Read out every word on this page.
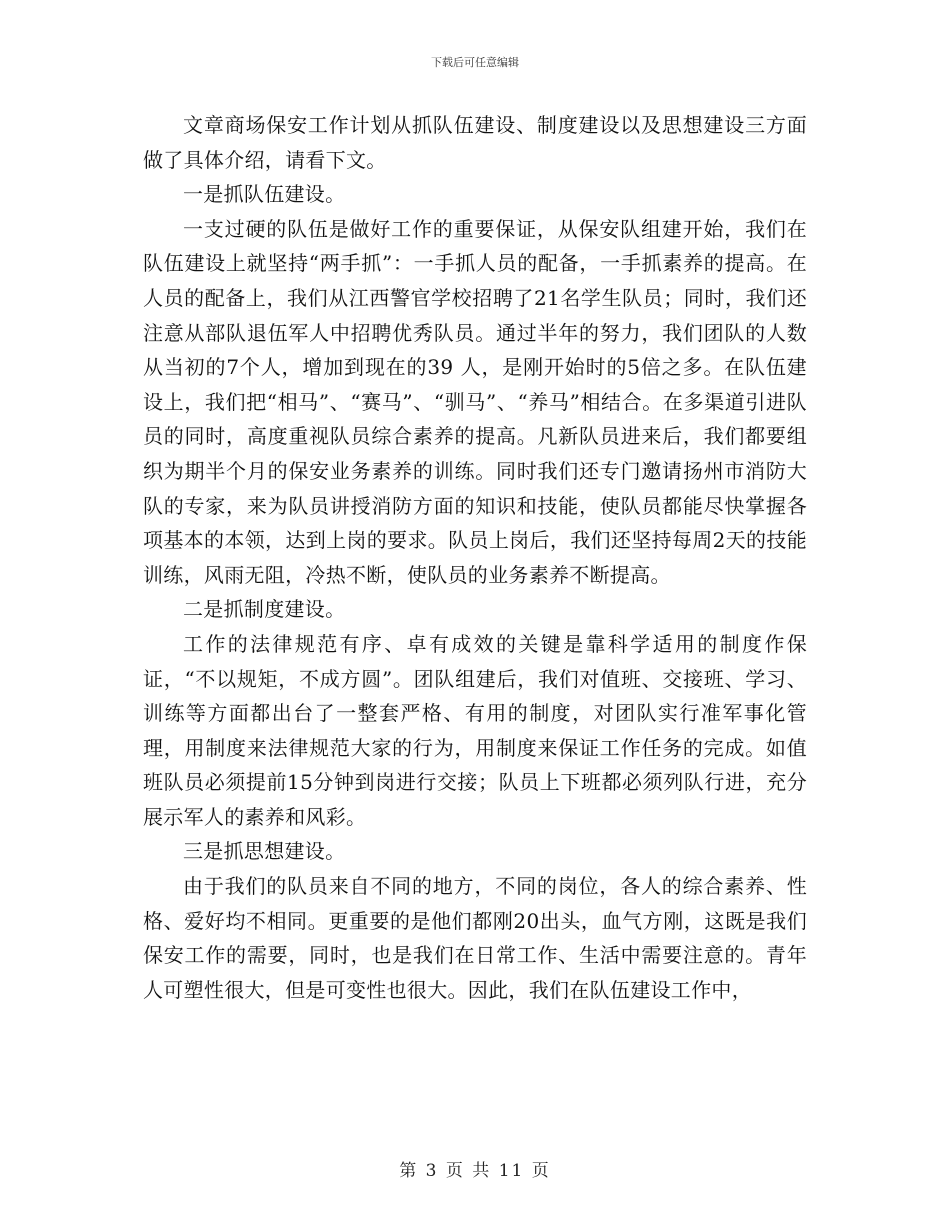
下载后可任意编辑

文章商场保安工作计划从抓队伍建设、制度建设以及思想建设三方面做了具体介绍，请看下文。

一是抓队伍建设。

一支过硬的队伍是做好工作的重要保证，从保安队组建开始，我们在队伍建设上就坚持“两手抓”：一手抓人员的配备，一手抓素养的提高。在人员的配备上，我们从江西警官学校招聘了21名学生队员；同时，我们还注意从部队退伍军人中招聘优秀队员。通过半年的努力，我们团队的人数从当初的7个人，增加到现在的39 人，是刚开始时的5倍之多。在队伍建设上，我们把“相马”、“赛马”、“驯马”、“养马”相结合。在多渠道引进队员的同时，高度重视队员综合素养的提高。凡新队员进来后，我们都要组织为期半个月的保安业务素养的训练。同时我们还专门邀请扬州市消防大队的专家，来为队员讲授消防方面的知识和技能，使队员都能尽快掌握各项基本的本领，达到上岗的要求。队员上岗后，我们还坚持每周2天的技能训练，风雨无阻，冷热不断，使队员的业务素养不断提高。

二是抓制度建设。

工作的法律规范有序、卓有成效的关键是靠科学适用的制度作保证，“不以规矩，不成方圆”。团队组建后，我们对值班、交接班、学习、训练等方面都出台了一整套严格、有用的制度，对团队实行准军事化管理，用制度来法律规范大家的行为，用制度来保证工作任务的完成。如值班队员必须提前15分钟到岗进行交接；队员上下班都必须列队行进，充分展示军人的素养和风彩。

三是抓思想建设。

由于我们的队员来自不同的地方，不同的岗位，各人的综合素养、性格、爱好均不相同。更重要的是他们都刚20出头，血气方刚，这既是我们保安工作的需要，同时，也是我们在日常工作、生活中需要注意的。青年人可塑性很大，但是可变性也很大。因此，我们在队伍建设工作中，

第 3 页 共 11 页
